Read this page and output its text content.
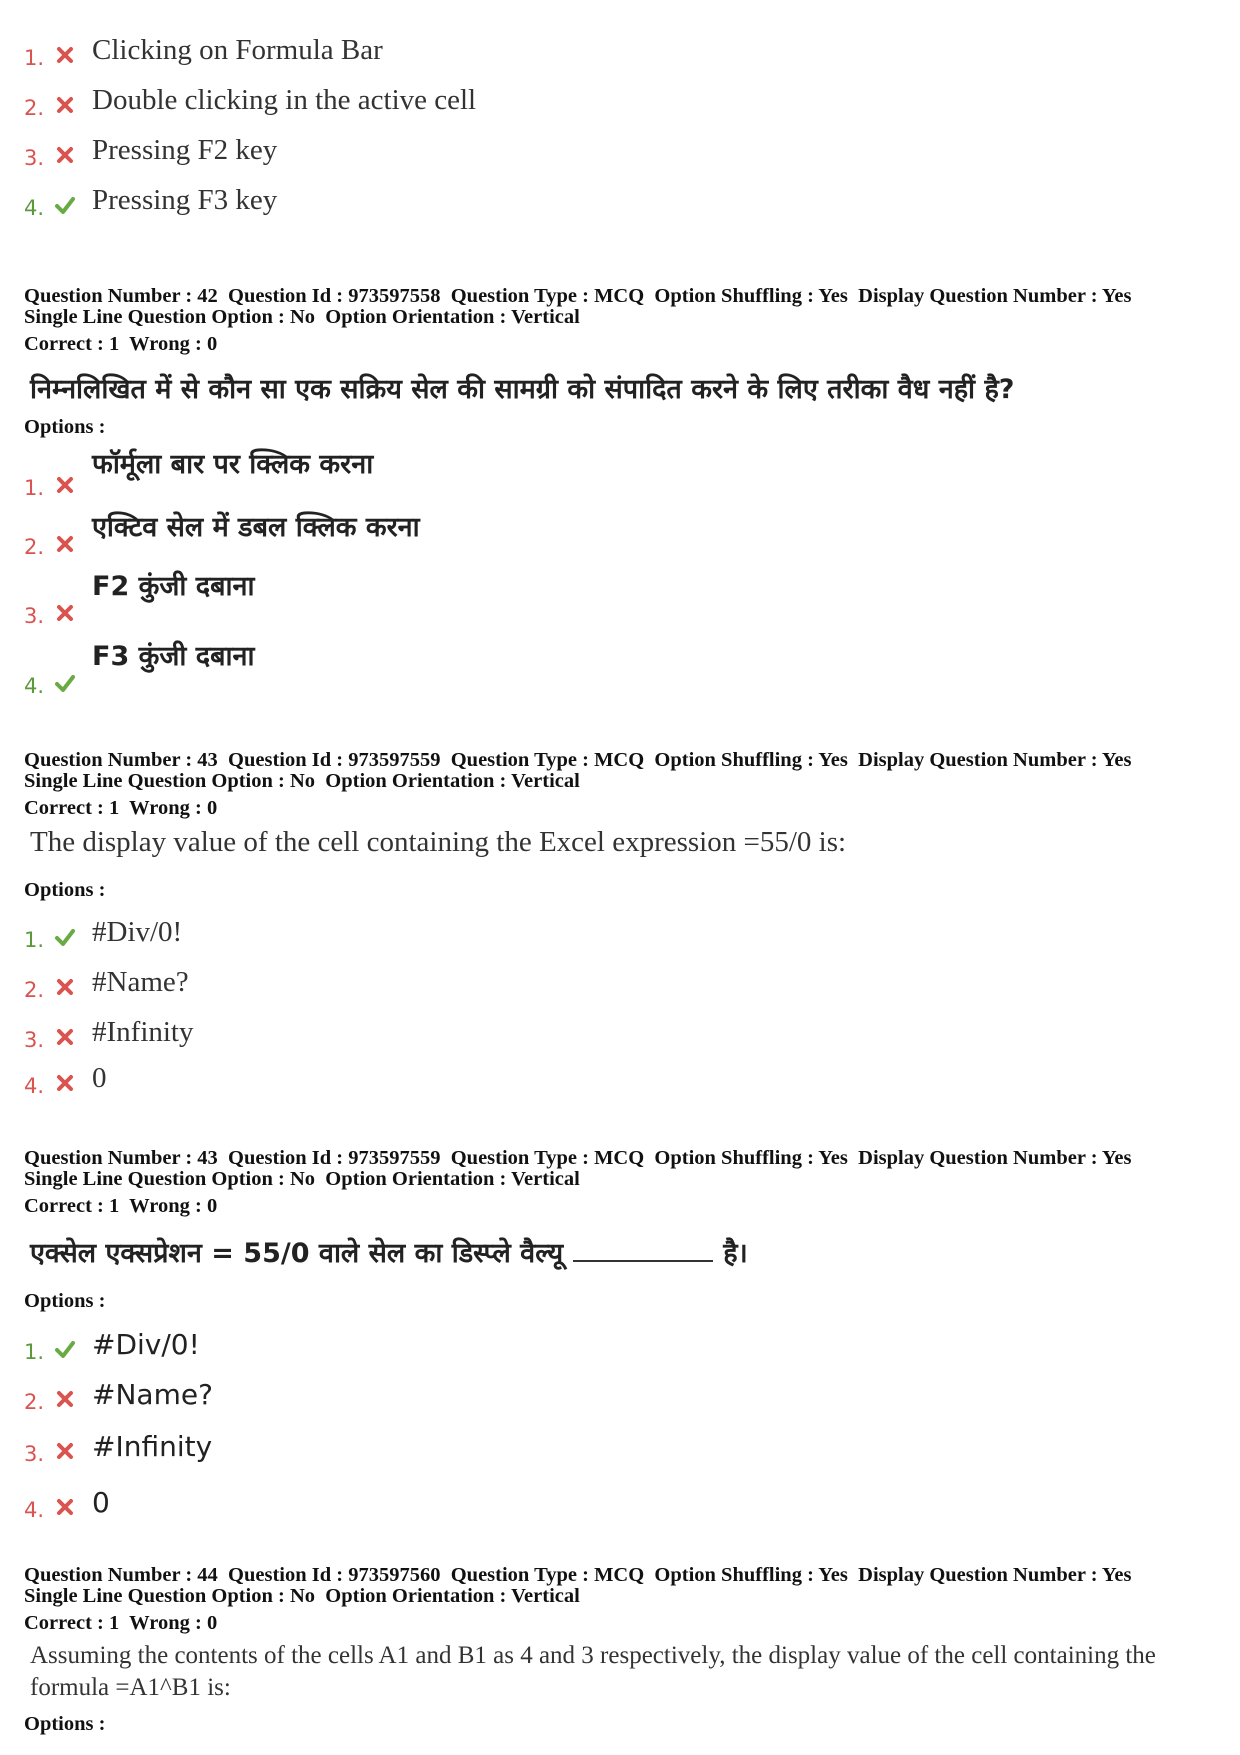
1. Clicking on Formula Bar
2. Double clicking in the active cell
3. Pressing F2 key
4. Pressing F3 key
Question Number : 42  Question Id : 973597558  Question Type : MCQ  Option Shuffling : Yes  Display Question Number : Yes
Single Line Question Option : No  Option Orientation : Vertical
Correct : 1  Wrong : 0
निम्नलिखित में से कौन सा एक सक्रिय सेल की सामग्री को संपादित करने के लिए तरीका वैध नहीं है?
Options :
1.
फॉर्मूला बार पर क्लिक करना
2.
एक्टिव सेल में डबल क्लिक करना
3.
F2 कुंजी दबाना
4.
F3 कुंजी दबाना
Question Number : 43  Question Id : 973597559  Question Type : MCQ  Option Shuffling : Yes  Display Question Number : Yes
Single Line Question Option : No  Option Orientation : Vertical
Correct : 1  Wrong : 0
The display value of the cell containing the Excel expression =55/0 is:
Options :
1. #Div/0!
2. #Name?
3. #Infinity
4. 0
Question Number : 43  Question Id : 973597559  Question Type : MCQ  Option Shuffling : Yes  Display Question Number : Yes
Single Line Question Option : No  Option Orientation : Vertical
Correct : 1  Wrong : 0
एक्सेल एक्सप्रेशन = 55/0 वाले सेल का डिस्प्ले वैल्यू	है।
Options :
1. #Div/0!
2. #Name?
3. #Infinity
4. 0
Question Number : 44  Question Id : 973597560  Question Type : MCQ  Option Shuffling : Yes  Display Question Number : Yes
Single Line Question Option : No  Option Orientation : Vertical
Correct : 1  Wrong : 0
Assuming the contents of the cells A1 and B1 as 4 and 3 respectively, the display value of the cell containing the formula =A1^B1 is:
Options :
